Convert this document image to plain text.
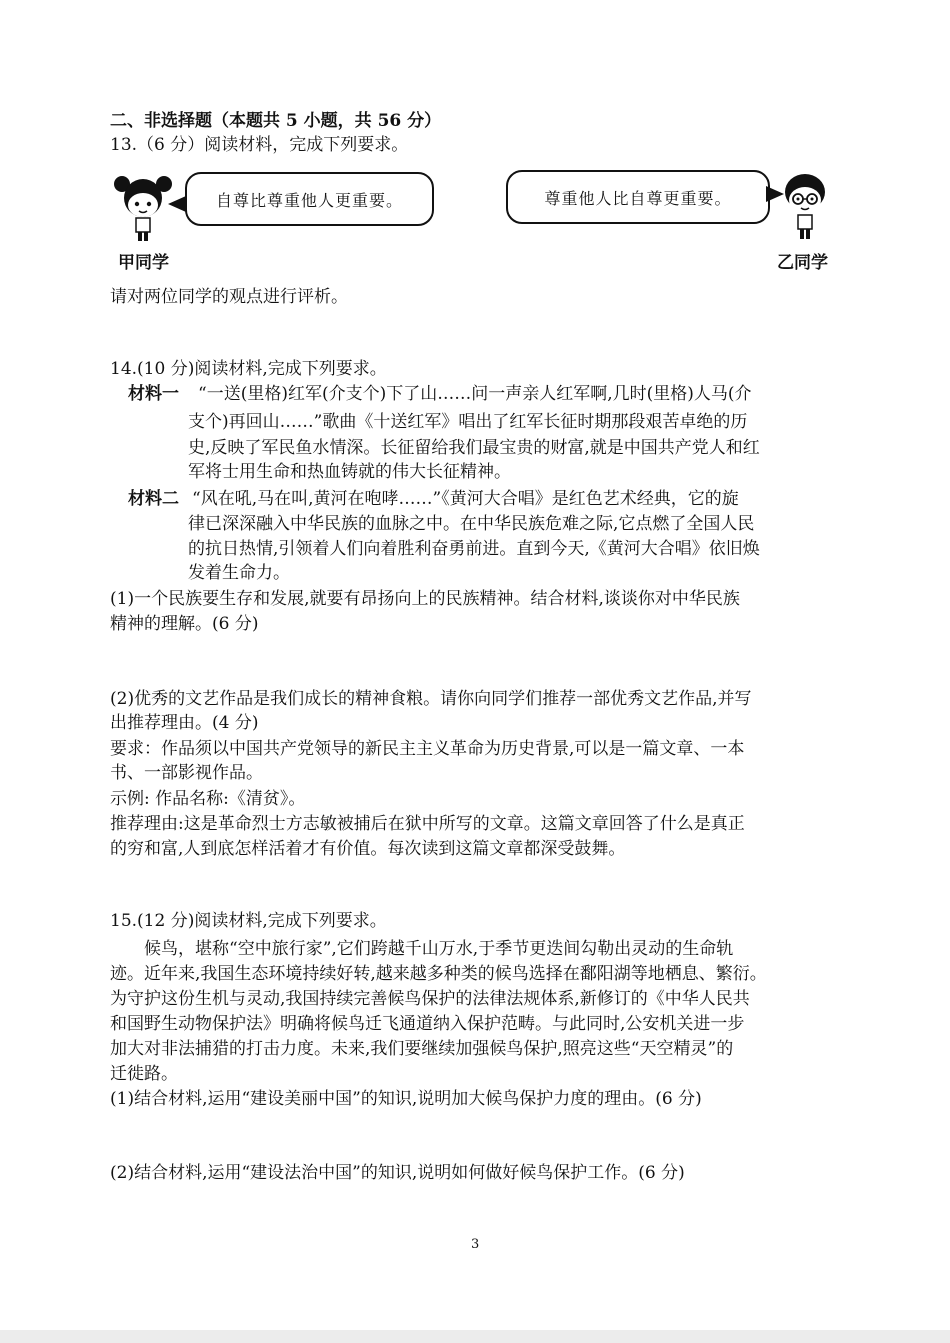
二、非选择题（本题共 5 小题，共 56 分）
13.（6 分）阅读材料，完成下列要求。
自尊比尊重他人更重要。
甲同学
尊重他人比自尊更重要。
乙同学
请对两位同学的观点进行评析。
14.(10 分)阅读材料,完成下列要求。
材料一 “一送(里格)红军(介支个)下了山……问一声亲人红军啊,几时(里格)人马(介
支个)再回山……”歌曲《十送红军》唱出了红军长征时期那段艰苦卓绝的历
史,反映了军民鱼水情深。长征留给我们最宝贵的财富,就是中国共产党人和红
军将士用生命和热血铸就的伟大长征精神。
材料二 “风在吼,马在叫,黄河在咆哮……”《黄河大合唱》是红色艺术经典，它的旋
律已深深融入中华民族的血脉之中。在中华民族危难之际,它点燃了全国人民
的抗日热情,引领着人们向着胜利奋勇前进。直到今天,《黄河大合唱》依旧焕
发着生命力。
(1)一个民族要生存和发展,就要有昂扬向上的民族精神。结合材料,谈谈你对中华民族
精神的理解。(6 分)
(2)优秀的文艺作品是我们成长的精神食粮。请你向同学们推荐一部优秀文艺作品,并写
出推荐理由。(4 分)
要求：作品须以中国共产党领导的新民主主义革命为历史背景,可以是一篇文章、一本
书、一部影视作品。
示例: 作品名称:《清贫》。
推荐理由:这是革命烈士方志敏被捕后在狱中所写的文章。这篇文章回答了什么是真正
的穷和富,人到底怎样活着才有价值。每次读到这篇文章都深受鼓舞。
15.(12 分)阅读材料,完成下列要求。
候鸟，堪称“空中旅行家”,它们跨越千山万水,于季节更迭间勾勒出灵动的生命轨
迹。近年来,我国生态环境持续好转,越来越多种类的候鸟选择在鄱阳湖等地栖息、繁衍。
为守护这份生机与灵动,我国持续完善候鸟保护的法律法规体系,新修订的《中华人民共
和国野生动物保护法》明确将候鸟迁飞通道纳入保护范畴。与此同时,公安机关进一步
加大对非法捕猎的打击力度。未来,我们要继续加强候鸟保护,照亮这些“天空精灵”的
迁徙路。
(1)结合材料,运用“建设美丽中国”的知识,说明加大候鸟保护力度的理由。(6 分)
(2)结合材料,运用“建设法治中国”的知识,说明如何做好候鸟保护工作。(6 分)
3
